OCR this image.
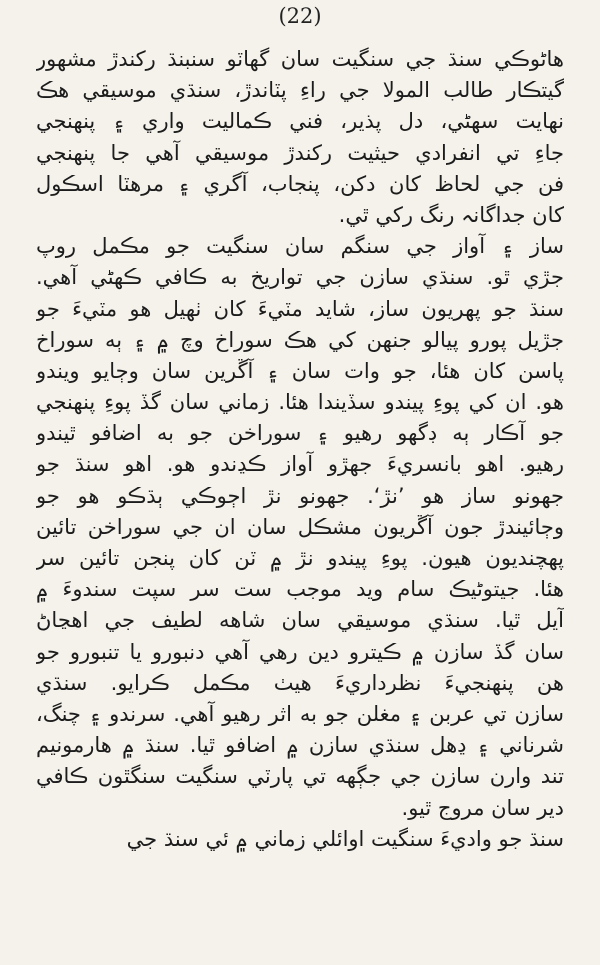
(22)
هاڻوڪي سنڌ جي سنگيت سان گهاٽو سنبنڌ رکندڙ مشهور
گيتڪار طالب المولا جي راءِ پٽاندڙ، سنڌي موسيقي هڪ
نهايت سهڻي، دل پذير، فني ڪماليت واري ۽ پنهنجي
جاءِ تي انفرادي حيثيت رکندڙ موسيقي آهي جا پنهنجي
فن جي لحاظ کان دکن، پنجاب، آگري ۽ مرهٽا اسڪول
کان جداگانہ رنگ رکي ٿي.
ساز ۽ آواز جي سنگم سان سنگيت جو مڪمل روپ
جڙي ٿو. سنڌي سازن جي تواريخ به ڪافي ڪهڻي آهي.
سنڌ جو پهريون ساز، شايد مٽيءَ کان ٺهيل هو مٽيءَ جو
جڙيل پورو پيالو جنهن کي هڪ سوراخ وچ ۾ ۽ ٻه سوراخ
پاسن کان هئا، جو وات سان ۽ آڱرين سان وڄايو ويندو
هو. ان کي پوءِ پيندو سڏيندا هئا. زماني سان گڏ پوءِ پنهنجي
جو آڪار ٻه ڊگهو رهيو ۽ سوراخن جو به اضافو ٿيندو
رهيو. اهو بانسريءَ جهڙو آواز ڪڍندو هو. اهو سنڌ جو
جهونو ساز هو ’نڙ‘. جهونو نڙ اڄوڪي ٻڌڪو هو جو
وڄائيندڙ جون آڱريون مشڪل سان ان جي سوراخن تائين
پهچنديون هيون. پوءِ پيندو نڙ ۾ ٽن کان پنجن تائين سر
هئا. جيتوڻيڪ سام ويد موجب ست سر سپت سندوءَ ۾
آيل ٿيا. سنڌي موسيقي سان شاهه لطيف جي اهڃاڻ
سان گڏ سازن ۾ ڪيترو دين رهي آهي دنبورو يا تنبورو جو
هن پنهنجيءَ نظرداريءَ هيٺ مڪمل ڪرايو. سنڌي
سازن تي عربن ۽ مغلن جو به اثر رهيو آهي. سرندو ۽ چنگ،
شرناني ۽ ڍهل سنڌي سازن ۾ اضافو ٿيا. سنڌ ۾ هارمونيم
تند وارن سازن جي جڳهه تي پارٽي سنگيت سنگٿون ڪافي
دير سان مروج ٿيو.
سنڌ جو واديءَ سنگيت اوائلي زماني ۾ ئي سنڌ جي
